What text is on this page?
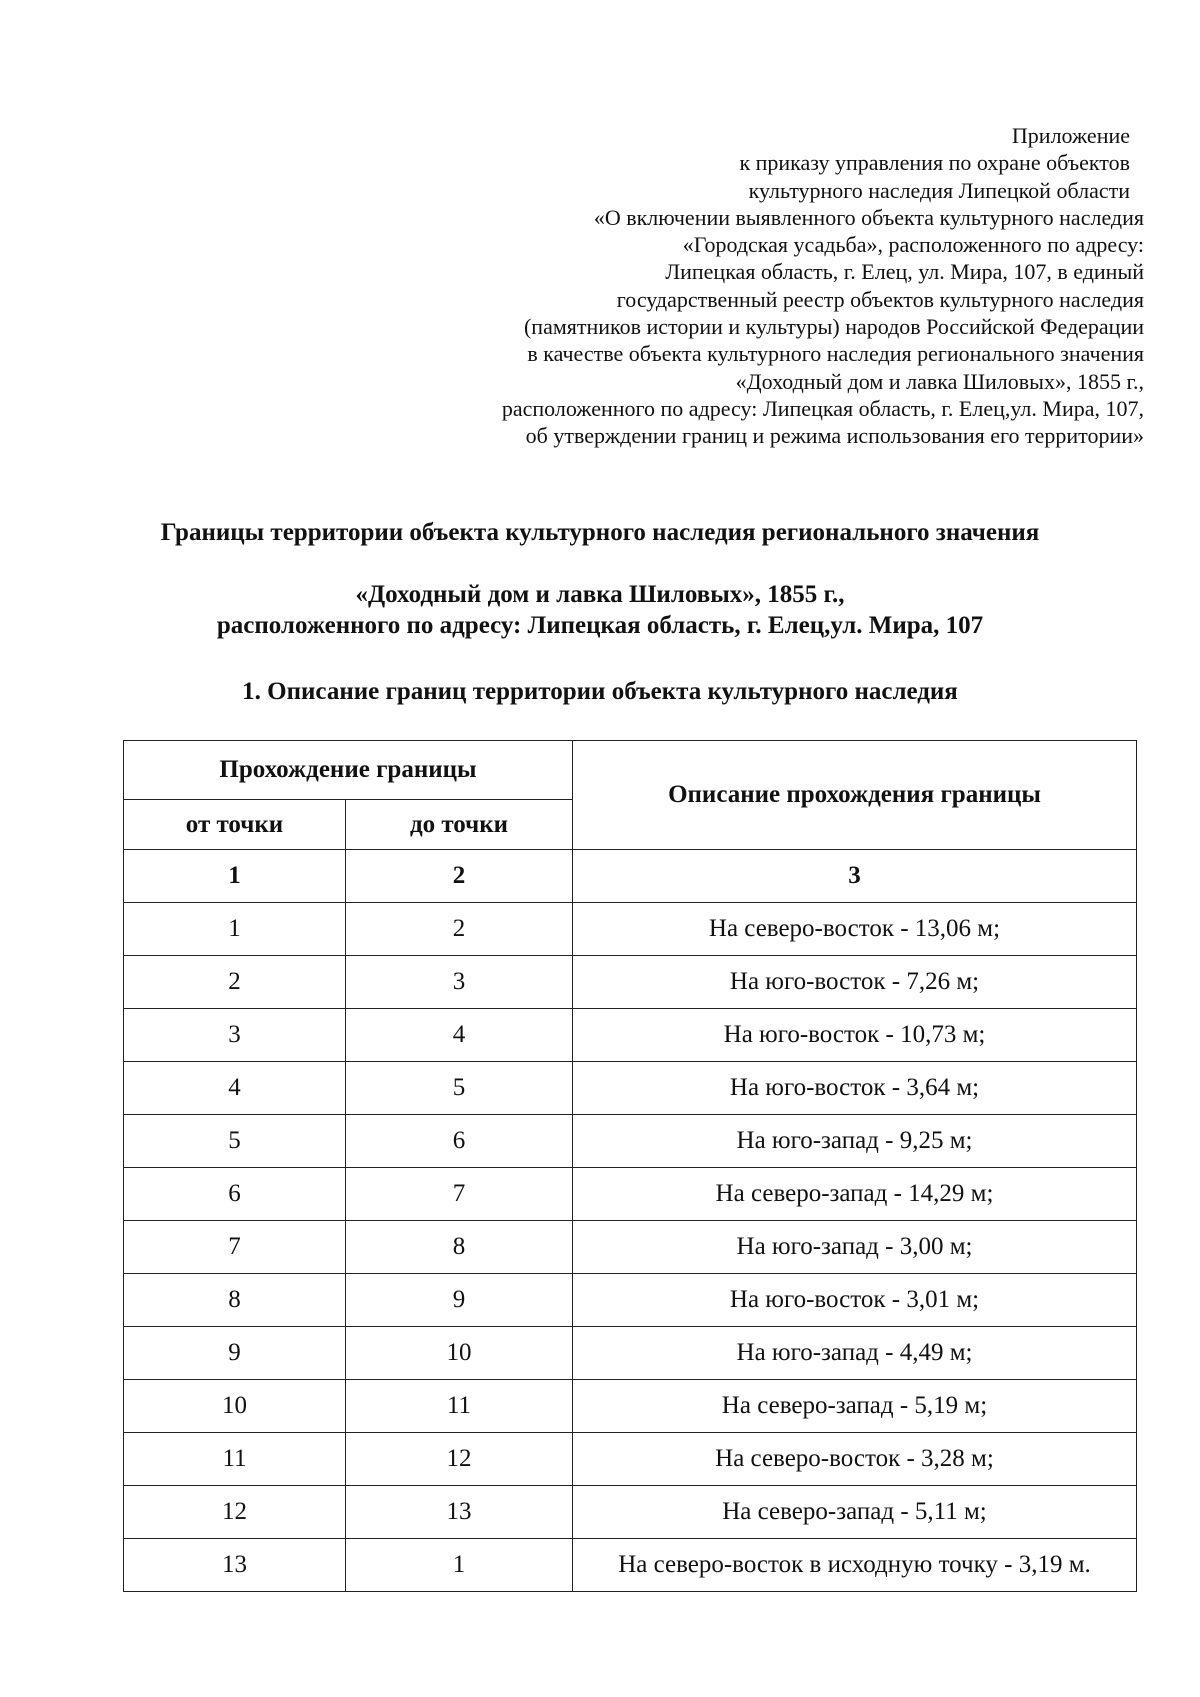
Приложение
к приказу управления по охране объектов
культурного наследия Липецкой области
«О включении выявленного объекта культурного наследия
«Городская усадьба», расположенного по адресу:
Липецкая область, г. Елец, ул. Мира, 107, в единый
государственный реестр объектов культурного наследия
(памятников истории и культуры) народов Российской Федерации
в качестве объекта культурного наследия регионального значения
«Доходный дом и лавка Шиловых», 1855 г.,
расположенного по адресу: Липецкая область, г. Елец,ул. Мира, 107,
об утверждении границ и режима использования его территории»
Границы территории объекта культурного наследия регионального значения
«Доходный дом и лавка Шиловых», 1855 г.,
расположенного по адресу: Липецкая область, г. Елец,ул. Мира, 107
1. Описание границ территории объекта культурного наследия
Прохождение границы		Описание прохождения границы
от точки	до точки	
1	2	3
1	2	На северо-восток - 13,06 м;
2	3	На юго-восток - 7,26 м;
3	4	На юго-восток - 10,73 м;
4	5	На юго-восток - 3,64 м;
5	6	На юго-запад - 9,25 м;
6	7	На северо-запад - 14,29 м;
7	8	На юго-запад - 3,00 м;
8	9	На юго-восток - 3,01 м;
9	10	На юго-запад - 4,49 м;
10	11	На северо-запад - 5,19 м;
11	12	На северо-восток - 3,28 м;
12	13	На северо-запад - 5,11 м;
13	1	На северо-восток в исходную точку - 3,19 м.
